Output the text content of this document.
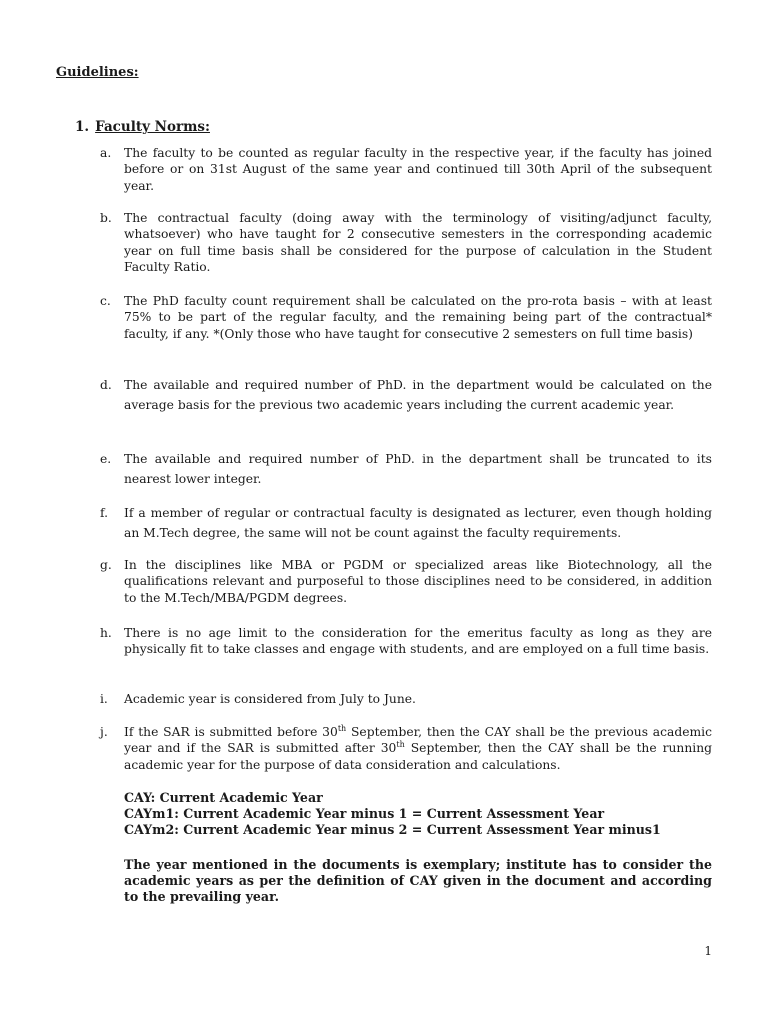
Guidelines:
1. Faculty Norms:
a.	The faculty to be counted as regular faculty in the respective year, if the faculty has joined before or on 31st August of the same year and continued till 30th April of the subsequent year.
b. The contractual faculty (doing away with the terminology of visiting/adjunct faculty, whatsoever) who have taught for 2 consecutive semesters in the corresponding academic year on full time basis shall be considered for the purpose of calculation in the Student Faculty Ratio.
c.	The PhD faculty count requirement shall be calculated on the pro-rota basis – with at least 75% to be part of the regular faculty, and the remaining being part of the contractual* faculty, if any. *(Only those who have taught for consecutive 2 semesters on full time basis)
d. The available and required number of PhD. in the department would be calculated on the average basis for the previous two academic years including the current academic year.
e.	The available and required number of PhD. in the department shall be truncated to its nearest lower integer.
f.	If a member of regular or contractual faculty is designated as lecturer, even though holding an M.Tech degree, the same will not be count against the faculty requirements.
g. In the disciplines like MBA or PGDM or specialized areas like Biotechnology, all the qualifications relevant and purposeful to those disciplines need to be considered, in addition to the M.Tech/MBA/PGDM degrees.
h. There is no age limit to the consideration for the emeritus faculty as long as they are physically fit to take classes and engage with students, and are employed on a full time basis.
i.	Academic year is considered from July to June.
j.	If the SAR is submitted before 30th September, then the CAY shall be the previous academic year and if the SAR is submitted after 30th September, then the CAY shall be the running academic year for the purpose of data consideration and calculations.
CAY: Current Academic Year
CAYm1: Current Academic Year minus 1 = Current Assessment Year
CAYm2: Current Academic Year minus 2 = Current Assessment Year minus1
The year mentioned in the documents is exemplary; institute has to consider the academic years as per the definition of CAY given in the document and according to the prevailing year.
1
